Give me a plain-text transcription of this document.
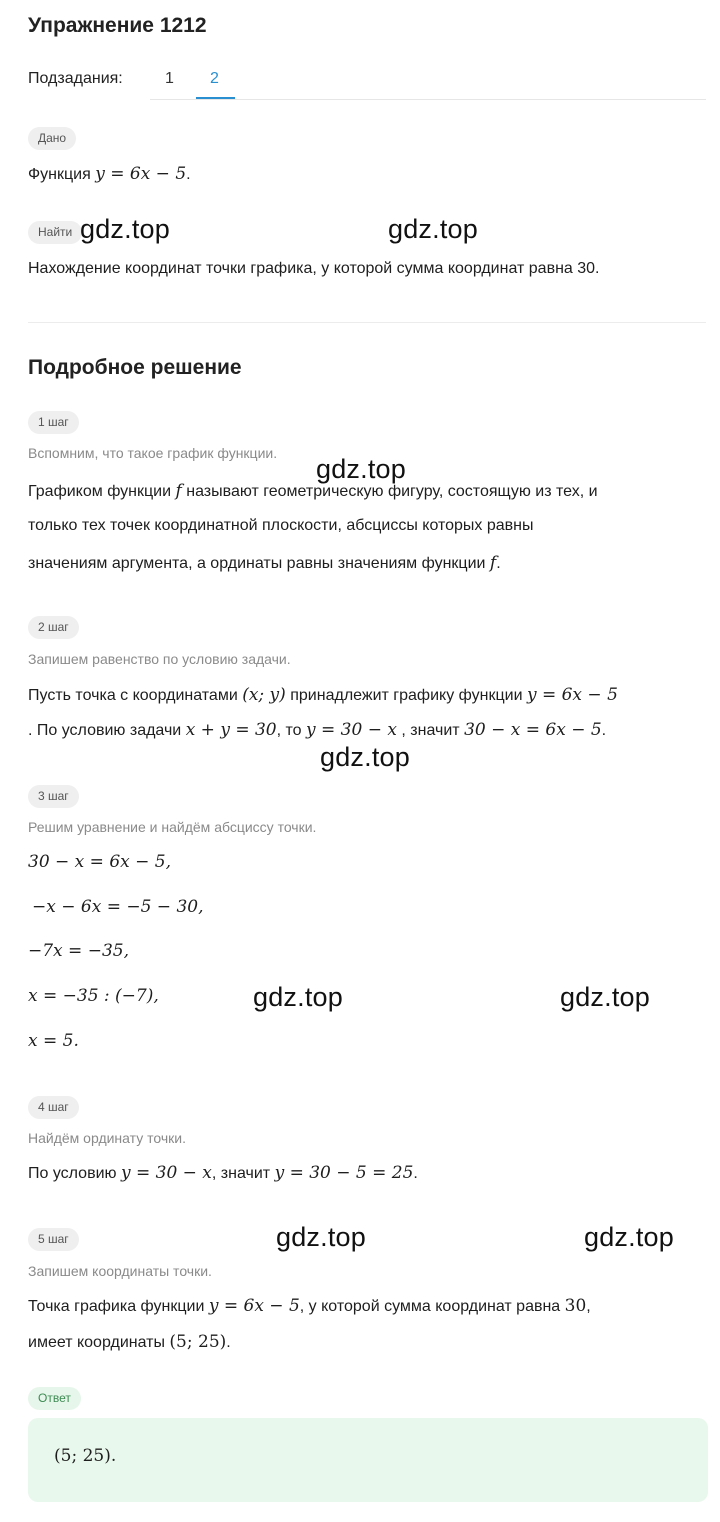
Упражнение 1212
Подзадания:	1 2
Дано
Функция y = 6x − 5.
Найти
Нахождение координат точки графика, у которой сумма координат равна 30.
Подробное решение
1 шаг
Вспомним, что такое график функции.
Графиком функции f называют геометрическую фигуру, состоящую из тех, и
только тех точек координатной плоскости, абсциссы которых равны
значениям аргумента, а ординаты равны значениям функции f.
2 шаг
Запишем равенство по условию задачи.
Пусть точка с координатами (x; y) принадлежит графику функции y = 6x − 5
. По условию задачи x + y = 30, то y = 30 − x , значит 30 − x = 6x − 5.
3 шаг
Решим уравнение и найдём абсциссу точки.
30 − x = 6x − 5,
−x − 6x = −5 − 30,
−7x = −35,
x = −35 : (−7),
x = 5.
4 шаг
Найдём ординату точки.
По условию y = 30 − x, значит y = 30 − 5 = 25.
5 шаг
Запишем координаты точки.
Точка графика функции y = 6x − 5, у которой сумма координат равна 30,
имеет координаты (5; 25).
Ответ
(5; 25).
gdz.top	gdz.top
gdz.top
gdz.top
gdz.top	gdz.top
gdz.top	gdz.top
